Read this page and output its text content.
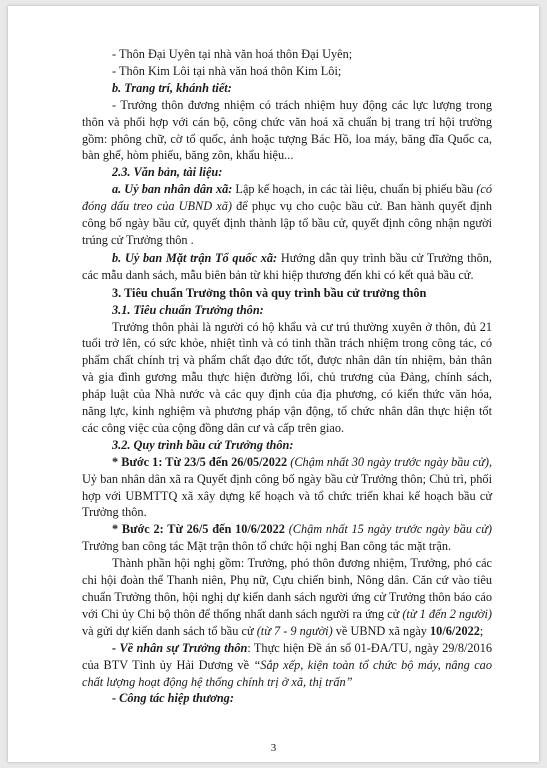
- Thôn Đại Uyên tại nhà văn hoá thôn Đại Uyên;

- Thôn Kim Lôi tại nhà văn hoá thôn Kim Lôi;

b. Trang trí, khánh tiết:

- Trưởng thôn đương nhiệm có trách nhiệm huy động các lực lượng trong thôn và phối hợp với cán bộ, công chức văn hoá xã chuẩn bị trang trí hội trường gồm: phông chữ, cờ tổ quốc, ảnh hoặc tượng Bác Hồ, loa máy, băng đĩa Quốc ca, bàn ghế, hòm phiếu, băng zôn, khẩu hiệu...

2.3. Văn bản, tài liệu:

a. Uỷ ban nhân dân xã: Lập kế hoạch, in các tài liệu, chuẩn bị phiếu bầu (có đóng dấu treo của UBND xã) để phục vụ cho cuộc bầu cử. Ban hành quyết định công bố ngày bầu cử, quyết định thành lập tổ bầu cử, quyết định công nhận người trúng cử Trưởng thôn .

b. Uỷ ban Mặt trận Tổ quốc xã: Hướng dẫn quy trình bầu cử Trưởng thôn, các mẫu danh sách, mẫu biên bản từ khi hiệp thương đến khi có kết quả bầu cử.

3. Tiêu chuẩn Trưởng thôn và quy trình bầu cử trưởng thôn

3.1. Tiêu chuẩn Trưởng thôn:

Trưởng thôn phải là người có hộ khẩu và cư trú thường xuyên ở thôn, đủ 21 tuổi trở lên, có sức khỏe, nhiệt tình và có tinh thần trách nhiệm trong công tác, có phẩm chất chính trị và phẩm chất đạo đức tốt, được nhân dân tín nhiệm, bản thân và gia đình gương mẫu thực hiện đường lối, chủ trương của Đảng, chính sách, pháp luật của Nhà nước và các quy định của địa phương, có kiến thức văn hóa, năng lực, kinh nghiệm và phương pháp vận động, tổ chức nhân dân thực hiện tốt các công việc của cộng đồng dân cư và cấp trên giao.

3.2. Quy trình bầu cử Trưởng thôn:

* Bước 1: Từ 23/5 đến 26/05/2022 (Chậm nhất 30 ngày trước ngày bầu cử), Uỷ ban nhân dân xã ra Quyết định công bố ngày bầu cử Trưởng thôn; Chủ trì, phối hợp với UBMTTQ xã xây dựng kế hoạch và tổ chức triển khai kế hoạch bầu cử Trưởng thôn.

* Bước 2: Từ 26/5 đến 10/6/2022 (Chậm nhất 15 ngày trước ngày bầu cử) Trưởng ban công tác Mặt trận thôn tổ chức hội nghị Ban công tác mặt trận.

Thành phần hội nghị gồm: Trưởng, phó thôn đương nhiệm, Trưởng, phó các chi hội đoàn thể Thanh niên, Phụ nữ, Cựu chiến binh, Nông dân. Căn cứ vào tiêu chuẩn Trưởng thôn, hội nghị dự kiến danh sách người ứng cử Trưởng thôn báo cáo với Chi ủy Chi bộ thôn để thống nhất danh sách người ra ứng cử (từ 1 đến 2 người) và gửi dự kiến danh sách tổ bầu cử (từ 7 - 9 người) về UBND xã ngày 10/6/2022;

- Về nhân sự Trưởng thôn: Thực hiện Đề án số 01-ĐA/TU, ngày 29/8/2016 của BTV Tỉnh ủy Hải Dương về “Sắp xếp, kiện toàn tổ chức bộ máy, nâng cao chất lượng hoạt động hệ thống chính trị ở xã, thị trấn”

- Công tác hiệp thương:

3
